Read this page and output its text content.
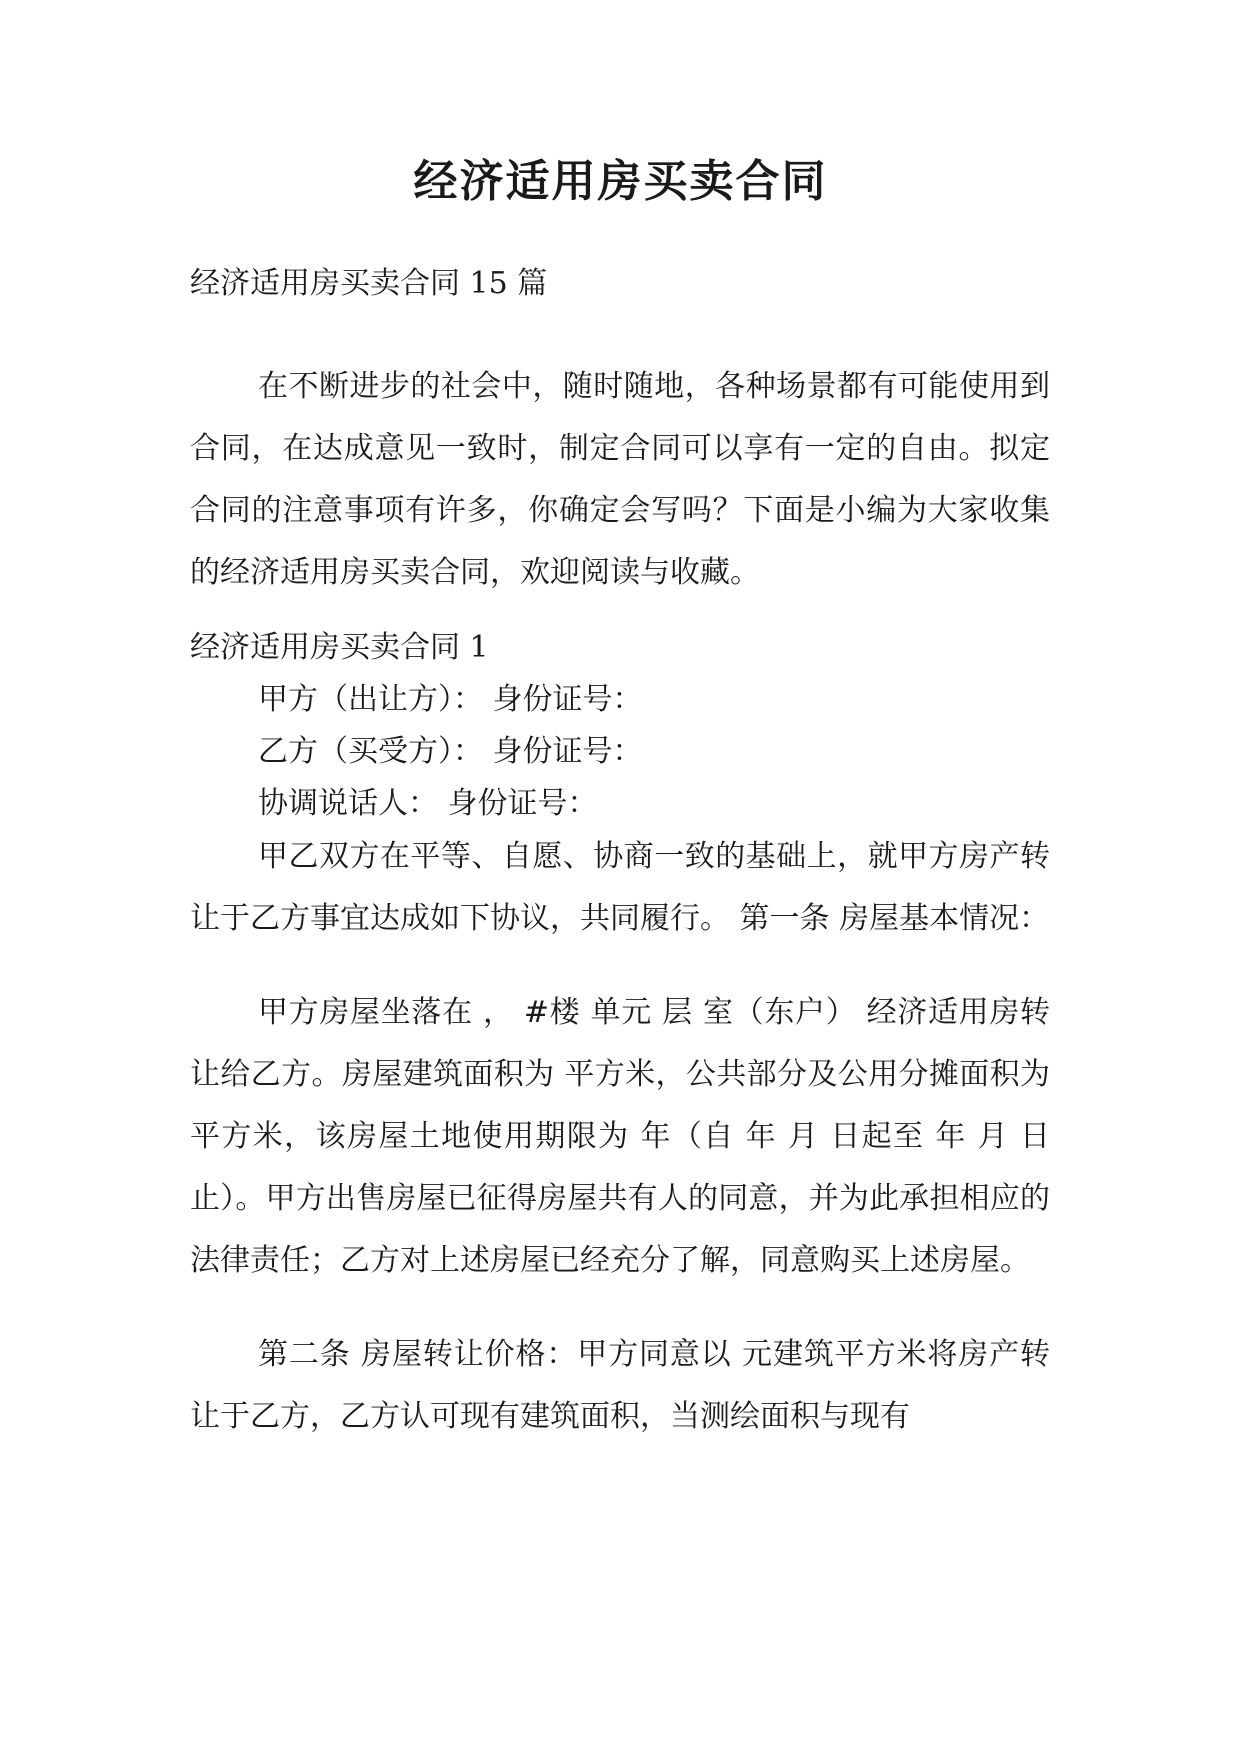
经济适用房买卖合同
经济适用房买卖合同 15 篇

在不断进步的社会中，随时随地，各种场景都有可能使用到合同，在达成意见一致时，制定合同可以享有一定的自由。拟定合同的注意事项有许多，你确定会写吗？下面是小编为大家收集的经济适用房买卖合同，欢迎阅读与收藏。

经济适用房买卖合同 1
甲方（出让方）： 身份证号：
乙方（买受方）： 身份证号：
协调说话人： 身份证号：

甲乙双方在平等、自愿、协商一致的基础上，就甲方房产转让于乙方事宜达成如下协议，共同履行。 第一条 房屋基本情况：

甲方房屋坐落在 ， #楼 单元 层 室（东户） 经济适用房转让给乙方。房屋建筑面积为 平方米，公共部分及公用分摊面积为 平方米，该房屋土地使用期限为 年（自 年 月 日起至 年 月 日止）。甲方出售房屋已征得房屋共有人的同意，并为此承担相应的法律责任；乙方对上述房屋已经充分了解，同意购买上述房屋。

第二条 房屋转让价格：甲方同意以 元建筑平方米将房产转让于乙方，乙方认可现有建筑面积，当测绘面积与现有
